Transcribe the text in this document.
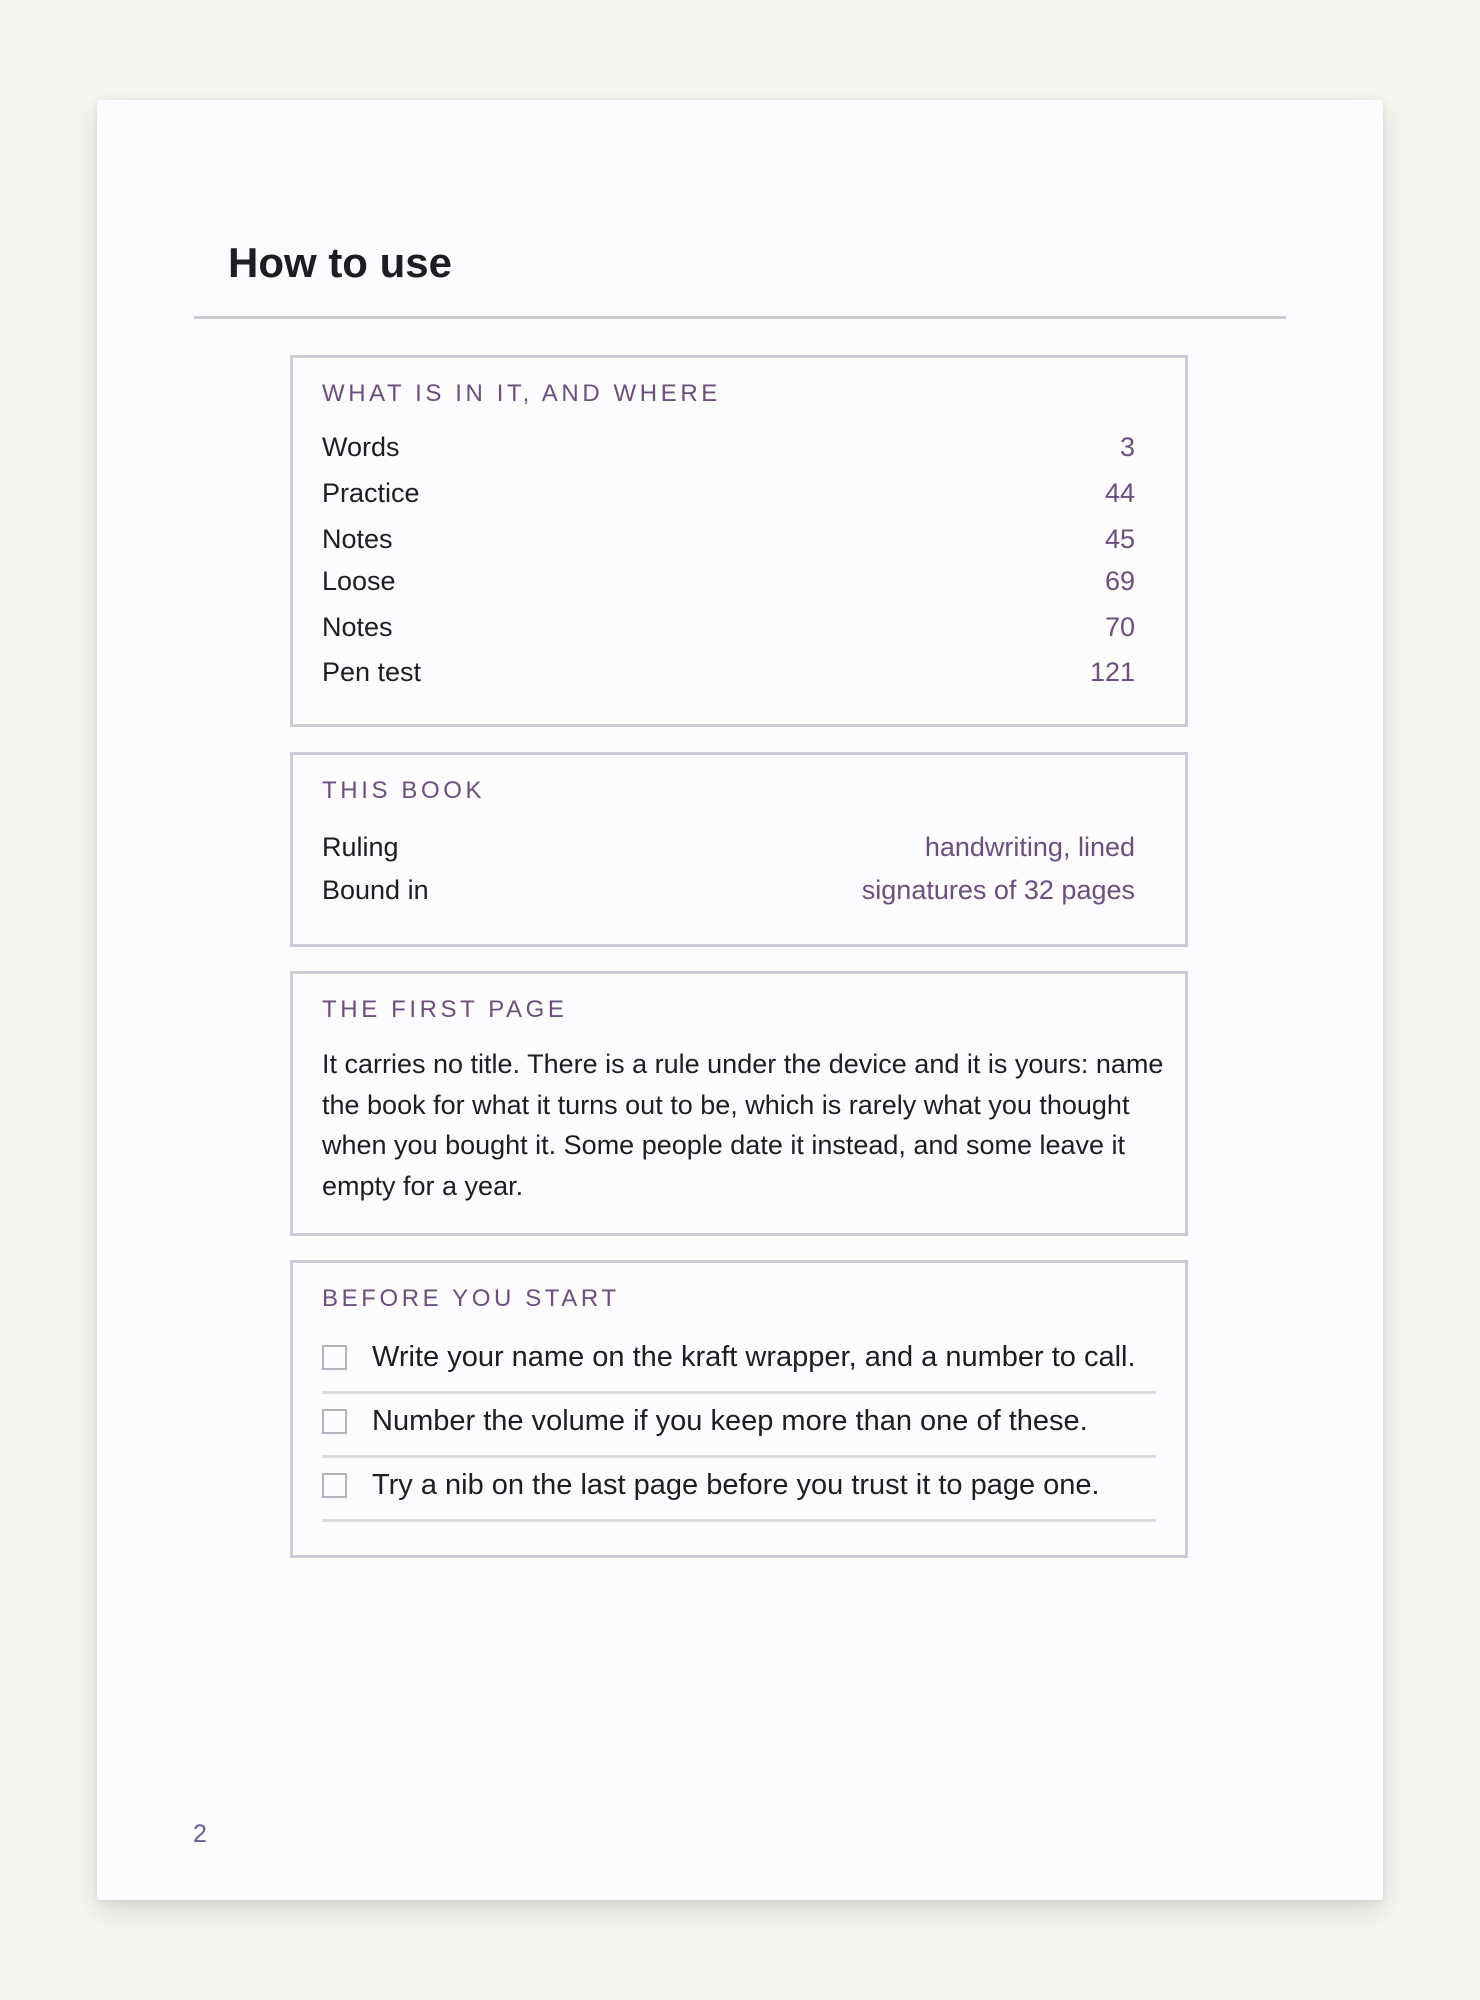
How to use
WHAT IS IN IT, AND WHERE
Words	3
Practice	44
Notes	45
Loose	69
Notes	70
Pen test	121
THIS BOOK
Ruling	handwriting, lined
Bound in	signatures of 32 pages
THE FIRST PAGE

It carries no title. There is a rule under the device and it is yours: name the book for what it turns out to be, which is rarely what you thought when you bought it. Some people date it instead, and some leave it empty for a year.

BEFORE YOU START
Write your name on the kraft wrapper, and a number to call.
Number the volume if you keep more than one of these.
Try a nib on the last page before you trust it to page one.
2
